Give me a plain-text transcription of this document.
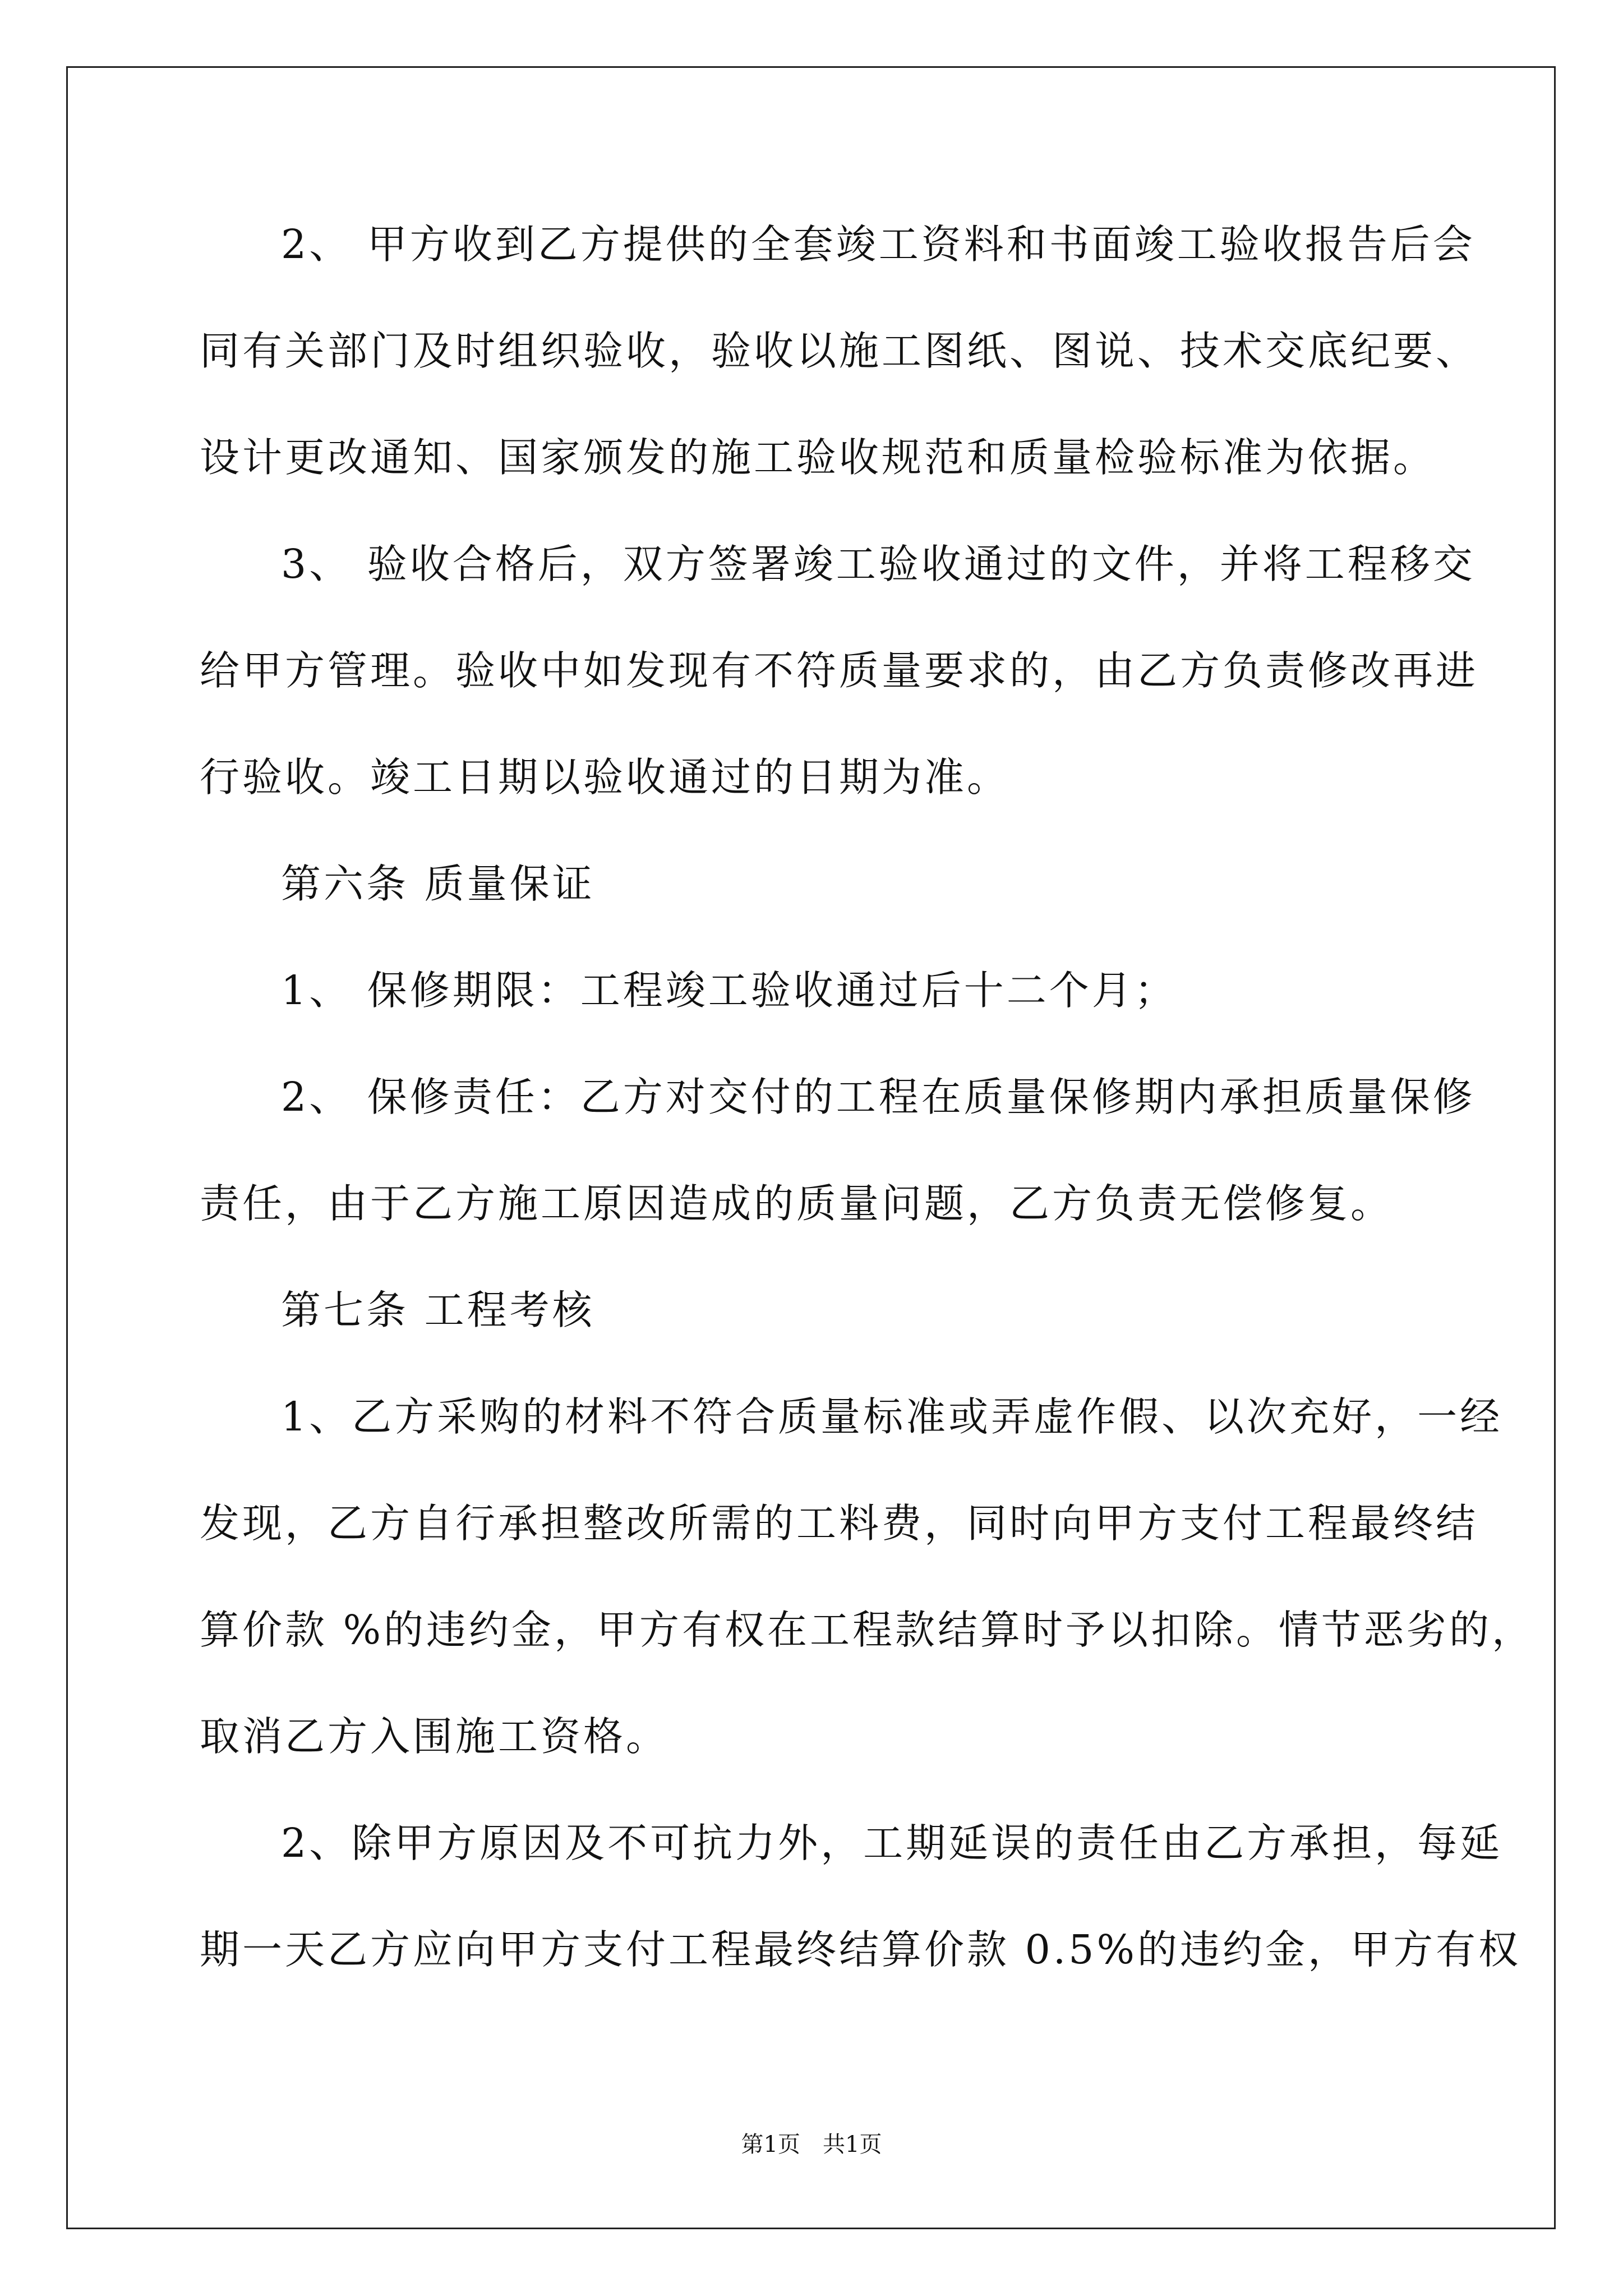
2、 甲方收到乙方提供的全套竣工资料和书面竣工验收报告后会
同有关部门及时组织验收，验收以施工图纸、图说、技术交底纪要、
设计更改通知、国家颁发的施工验收规范和质量检验标准为依据。
3、 验收合格后，双方签署竣工验收通过的文件，并将工程移交
给甲方管理。验收中如发现有不符质量要求的，由乙方负责修改再进
行验收。竣工日期以验收通过的日期为准。
第六条 质量保证
1、 保修期限：工程竣工验收通过后十二个月；
2、 保修责任：乙方对交付的工程在质量保修期内承担质量保修
责任，由于乙方施工原因造成的质量问题，乙方负责无偿修复。
第七条 工程考核
1、乙方采购的材料不符合质量标准或弄虚作假、以次充好，一经
发现，乙方自行承担整改所需的工料费，同时向甲方支付工程最终结
算价款 %的违约金，甲方有权在工程款结算时予以扣除。情节恶劣的，
取消乙方入围施工资格。
2、除甲方原因及不可抗力外，工期延误的责任由乙方承担，每延
期一天乙方应向甲方支付工程最终结算价款 0.5%的违约金，甲方有权
第1页　共1页
